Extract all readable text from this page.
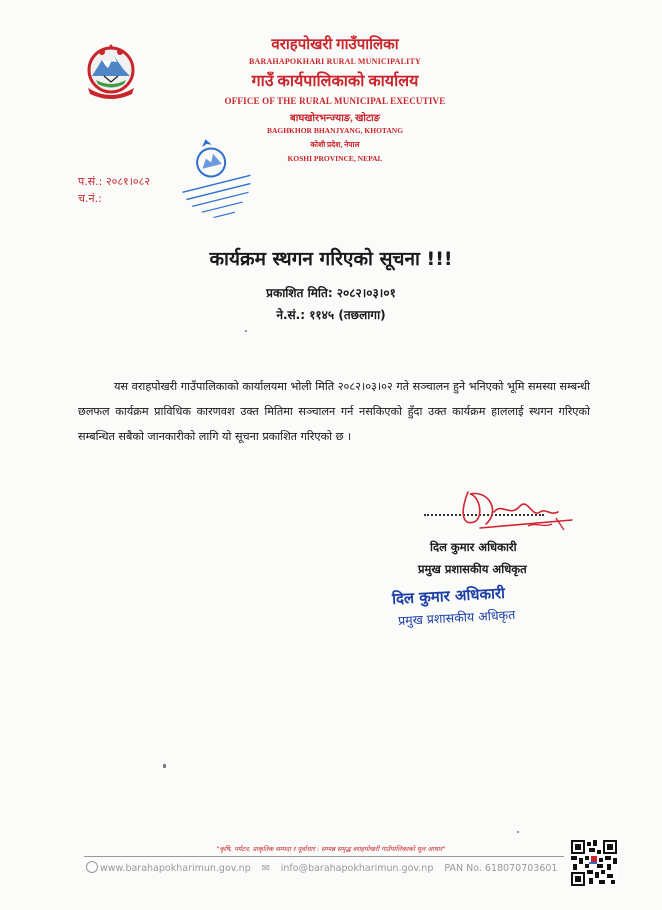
वराहपोखरी गाउँपालिका
BARAHAPOKHARI RURAL MUNICIPALITY
गाउँ कार्यपालिकाको कार्यालय
OFFICE OF THE RURAL MUNICIPAL EXECUTIVE
बाघखोरभन्ज्याङ, खोटाङ
BAGHKHOR BHANJYANG, KHOTANG
कोशी प्रदेश, नेपाल
KOSHI PROVINCE, NEPAL
प.सं.: २०८१।०८२
च.नं.:
कार्यक्रम स्थगन गरिएको सूचना !!!
प्रकाशित मिति: २०८२।०३।०१
ने.सं.: ११४५ (तछलागा)
यस वराहपोखरी गाउँपालिकाको कार्यालयमा भोली मिति २०८२।०३।०२ गते सञ्चालन हुने भनिएको भूमि समस्या सम्बन्धी छलफल कार्यक्रम प्राविधिक कारणवश उक्त मितिमा सञ्चालन गर्न नसकिएको हुँदा उक्त कार्यक्रम हाललाई स्थगन गरिएको सम्बन्धित सबैको जानकारीको लागि यो सूचना प्रकाशित गरिएको छ ।
दिल कुमार अधिकारी
प्रमुख प्रशासकीय अधिकृत
दिल कुमार अधिकारी
प्रमुख प्रशासकीय अधिकृत
"कृषि, पर्यटन, प्राकृतिक सम्पदा र पूर्वाधार : सम्पन्न समृद्ध वराहपोखरी गाउँपालिकाको मूल आधार"
www.barahapokharimun.gov.np ✉ info@barahapokharimun.gov.np PAN No. 618070703601
